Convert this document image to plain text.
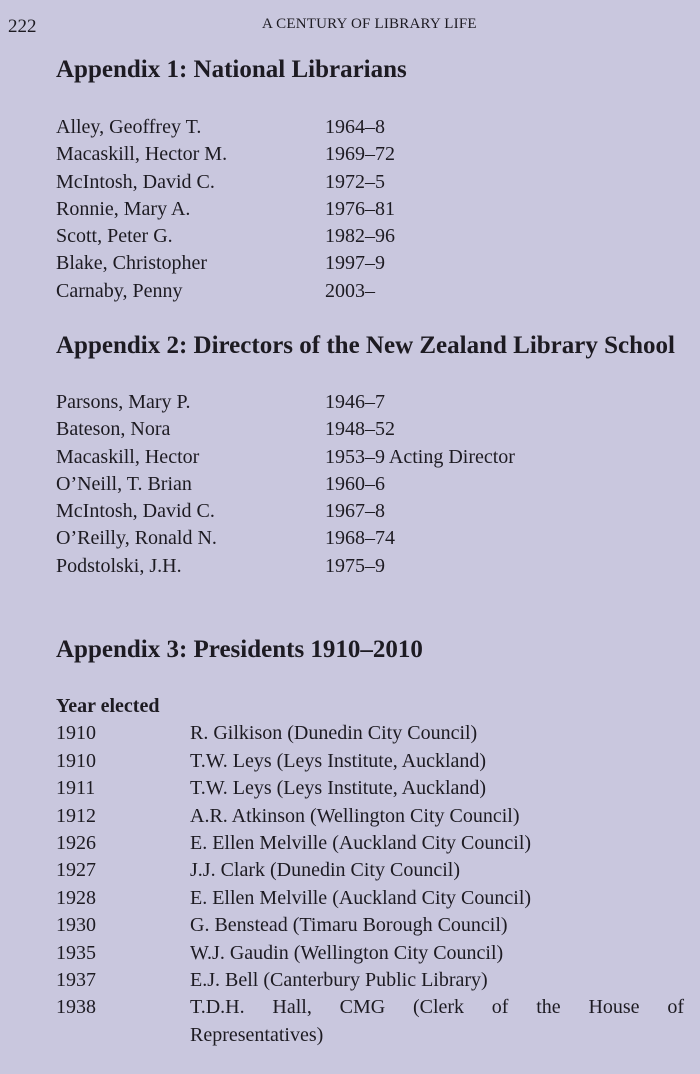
222	A CENTURY OF LIBRARY LIFE
Appendix 1: National Librarians
Alley, Geoffrey T.	1964–8
Macaskill, Hector M.	1969–72
McIntosh, David C.	1972–5
Ronnie, Mary A.	1976–81
Scott, Peter G.	1982–96
Blake, Christopher	1997–9
Carnaby, Penny	2003–
Appendix 2: Directors of the New Zealand Library School
Parsons, Mary P.	1946–7
Bateson, Nora	1948–52
Macaskill, Hector	1953–9 Acting Director
O’Neill, T. Brian	1960–6
McIntosh, David C.	1967–8
O’Reilly, Ronald N.	1968–74
Podstolski, J.H.	1975–9
Appendix 3: Presidents 1910–2010
Year elected
1910	R. Gilkison (Dunedin City Council)
1910	T.W. Leys (Leys Institute, Auckland)
1911	T.W. Leys (Leys Institute, Auckland)
1912	A.R. Atkinson (Wellington City Council)
1926	E. Ellen Melville (Auckland City Council)
1927	J.J. Clark (Dunedin City Council)
1928	E. Ellen Melville (Auckland City Council)
1930	G. Benstead (Timaru Borough Council)
1935	W.J. Gaudin (Wellington City Council)
1937	E.J. Bell (Canterbury Public Library)
1938	T.D.H. Hall, CMG (Clerk of the House of
Representatives)
